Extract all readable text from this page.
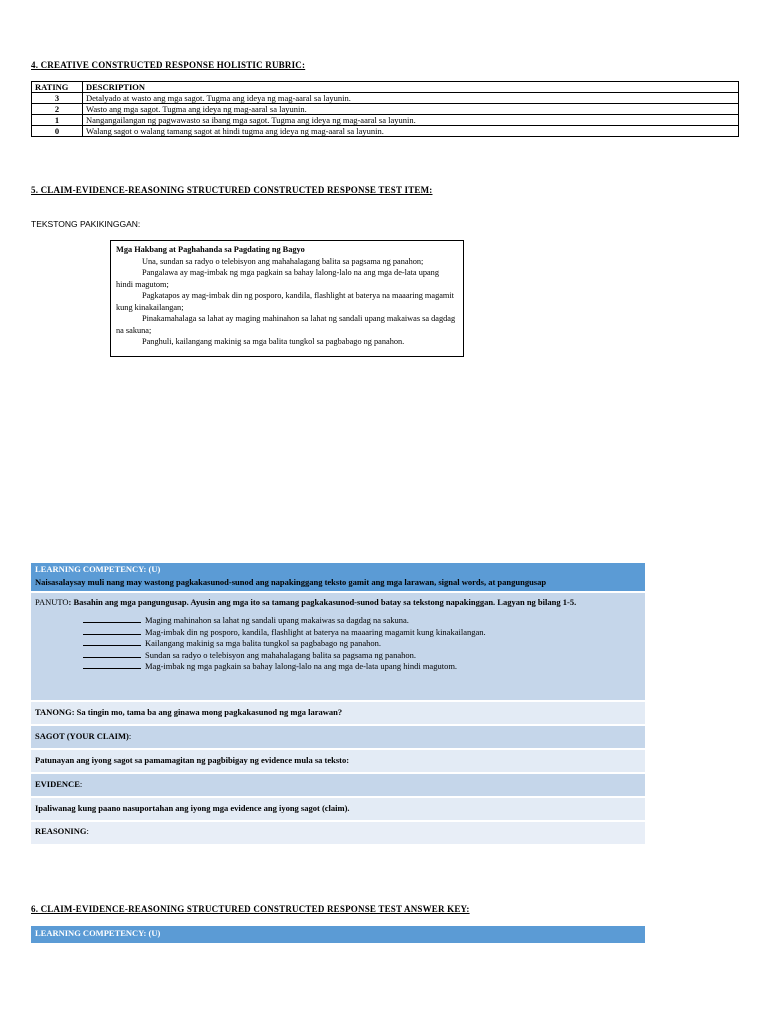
4. CREATIVE CONSTRUCTED RESPONSE HOLISTIC RUBRIC:
RATING	DESCRIPTION
3	Detalyado at wasto ang mga sagot. Tugma ang ideya ng mag-aaral sa layunin.
2	Wasto ang mga sagot. Tugma ang ideya ng mag-aaral sa layunin.
1	Nangangailangan ng pagwawasto sa ibang mga sagot. Tugma ang ideya ng mag-aaral sa layunin.
0	Walang sagot o walang tamang sagot at hindi tugma ang ideya ng mag-aaral sa layunin.
5. CLAIM-EVIDENCE-REASONING STRUCTURED CONSTRUCTED RESPONSE TEST ITEM:
TEKSTONG PAKIKINGGAN:
Mga Hakbang at Paghahanda sa Pagdating ng Bagyo
Una, sundan sa radyo o telebisyon ang mahahalagang balita sa pagsama ng panahon;
Pangalawa ay mag-imbak ng mga pagkain sa bahay lalong-lalo na ang mga de-lata upang hindi magutom;
Pagkatapos ay mag-imbak din ng posporo, kandila, flashlight at baterya na maaaring magamit kung kinakailangan;
Pinakamahalaga sa lahat ay maging mahinahon sa lahat ng sandali upang makaiwas sa dagdag na sakuna;
Panghuli, kailangang makinig sa mga balita tungkol sa pagbabago ng panahon.
LEARNING COMPETENCY: (U)
Naisasalaysay muli nang may wastong pagkakasunod-sunod ang napakinggang teksto gamit ang mga larawan, signal words, at pangungusap
PANUTO: Basahin ang mga pangungusap. Ayusin ang mga ito sa tamang pagkakasunod-sunod batay sa tekstong napakinggan. Lagyan ng bilang 1-5.
Maging mahinahon sa lahat ng sandali upang makaiwas sa dagdag na sakuna.
Mag-imbak din ng posporo, kandila, flashlight at baterya na maaaring magamit kung kinakailangan.
Kailangang makinig sa mga balita tungkol sa pagbabago ng panahon.
Sundan sa radyo o telebisyon ang mahahalagang balita sa pagsama ng panahon.
Mag-imbak ng mga pagkain sa bahay lalong-lalo na ang mga de-lata upang hindi magutom.
TANONG: Sa tingin mo, tama ba ang ginawa mong pagkakasunod ng mga larawan?
SAGOT (YOUR CLAIM):
Patunayan ang iyong sagot sa pamamagitan ng pagbibigay ng evidence mula sa teksto:
EVIDENCE:
Ipaliwanag kung paano nasuportahan ang iyong mga evidence ang iyong sagot (claim).
REASONING:
6. CLAIM-EVIDENCE-REASONING STRUCTURED CONSTRUCTED RESPONSE TEST ANSWER KEY:
LEARNING COMPETENCY: (U)
